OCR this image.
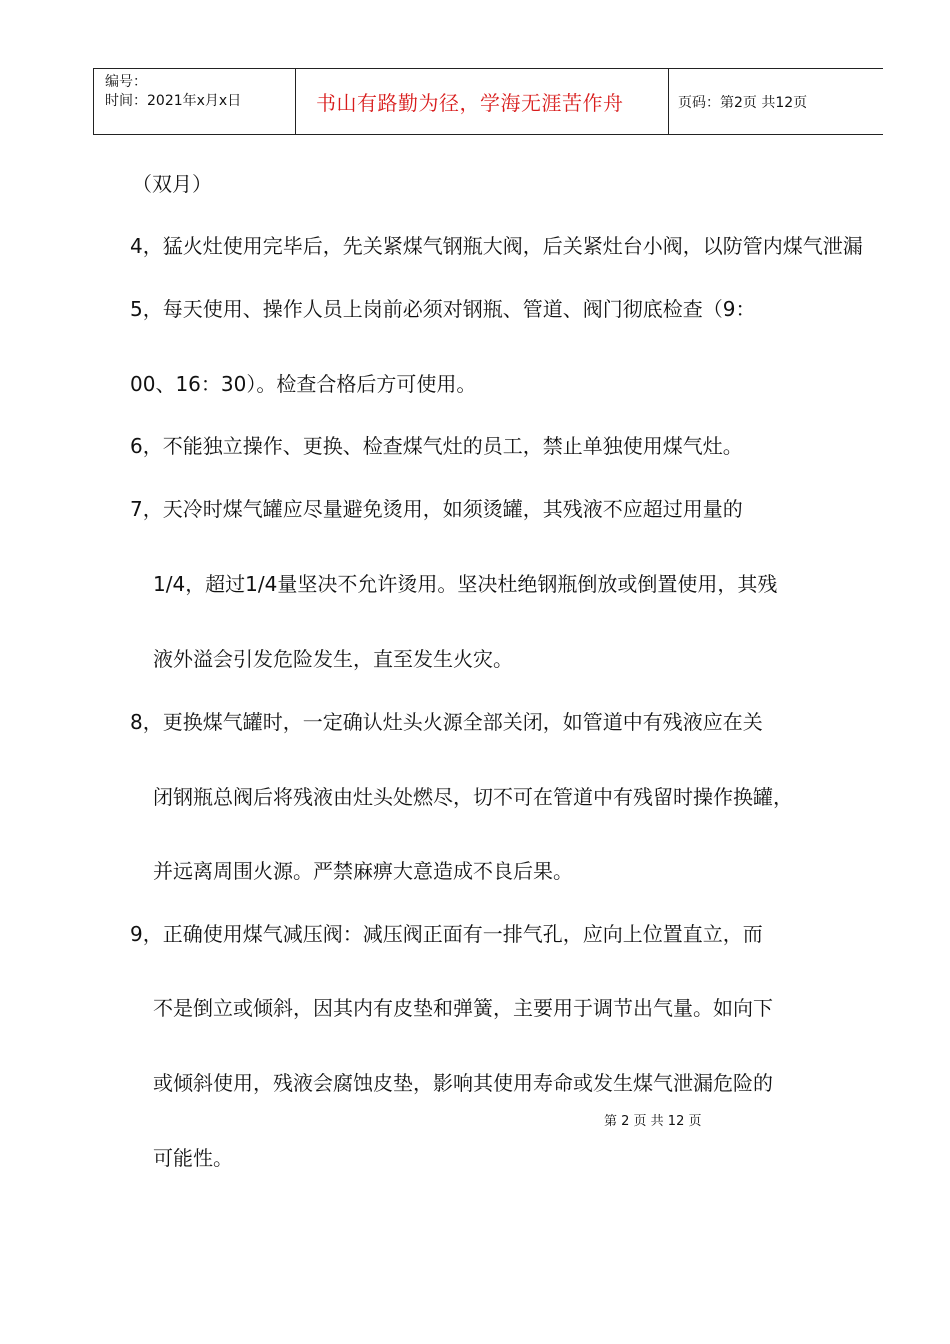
编号：
时间：2021年x月x日	书山有路勤为径，学海无涯苦作舟	页码：第2页 共12页
（双月）
4，猛火灶使用完毕后，先关紧煤气钢瓶大阀，后关紧灶台小阀，以防管内煤气泄漏
5，每天使用、操作人员上岗前必须对钢瓶、管道、阀门彻底检查（9：
00、16：30）。检查合格后方可使用。
6，不能独立操作、更换、检查煤气灶的员工，禁止单独使用煤气灶。
7，天冷时煤气罐应尽量避免烫用，如须烫罐，其残液不应超过用量的
1/4，超过1/4量坚决不允许烫用。坚决杜绝钢瓶倒放或倒置使用，其残
液外溢会引发危险发生，直至发生火灾。
8，更换煤气罐时，一定确认灶头火源全部关闭，如管道中有残液应在关
闭钢瓶总阀后将残液由灶头处燃尽，切不可在管道中有残留时操作换罐，
并远离周围火源。严禁麻痹大意造成不良后果。
9，正确使用煤气减压阀：减压阀正面有一排气孔，应向上位置直立，而
不是倒立或倾斜，因其内有皮垫和弹簧，主要用于调节出气量。如向下
或倾斜使用，残液会腐蚀皮垫，影响其使用寿命或发生煤气泄漏危险的
可能性。
第 2 页 共 12 页
